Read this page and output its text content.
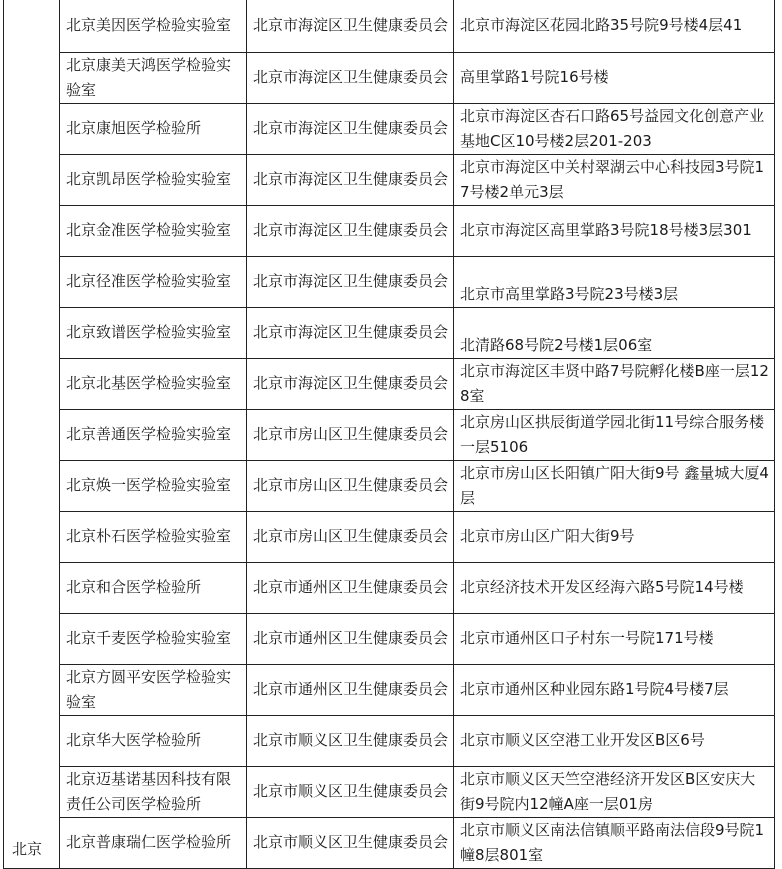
北京	北京美因医学检验实验室	北京市海淀区卫生健康委员会	北京市海淀区花园北路35号院9号楼4层41
	北京康美天鸿医学检验实验室	北京市海淀区卫生健康委员会	高里掌路1号院16号楼
	北京康旭医学检验所	北京市海淀区卫生健康委员会	北京市海淀区杏石口路65号益园文化创意产业基地C区10号楼2层201-203
	北京凯昂医学检验实验室	北京市海淀区卫生健康委员会	北京市海淀区中关村翠湖云中心科技园3号院17号楼2单元3层
	北京金准医学检验实验室	北京市海淀区卫生健康委员会	北京市海淀区高里掌路3号院18号楼3层301
	北京径准医学检验实验室	北京市海淀区卫生健康委员会	北京市高里掌路3号院23号楼3层
	北京致谱医学检验实验室	北京市海淀区卫生健康委员会	北清路68号院2号楼1层06室
	北京北基医学检验实验室	北京市海淀区卫生健康委员会	北京市海淀区丰贤中路7号院孵化楼B座一层128室
	北京善通医学检验实验室	北京市房山区卫生健康委员会	北京房山区拱辰街道学园北街11号综合服务楼一层5106
	北京焕一医学检验实验室	北京市房山区卫生健康委员会	北京市房山区长阳镇广阳大街9号 鑫量城大厦4层
	北京朴石医学检验实验室	北京市房山区卫生健康委员会	北京市房山区广阳大街9号
	北京和合医学检验所	北京市通州区卫生健康委员会	北京经济技术开发区经海六路5号院14号楼
	北京千麦医学检验实验室	北京市通州区卫生健康委员会	北京市通州区口子村东一号院171号楼
	北京方圆平安医学检验实验室	北京市通州区卫生健康委员会	北京市通州区种业园东路1号院4号楼7层
	北京华大医学检验所	北京市顺义区卫生健康委员会	北京市顺义区空港工业开发区B区6号
	北京迈基诺基因科技有限责任公司医学检验所	北京市顺义区卫生健康委员会	北京市顺义区天竺空港经济开发区B区安庆大街9号院内12幢A座一层01房
	北京普康瑞仁医学检验所	北京市顺义区卫生健康委员会	北京市顺义区南法信镇顺平路南法信段9号院1幢8层801室
